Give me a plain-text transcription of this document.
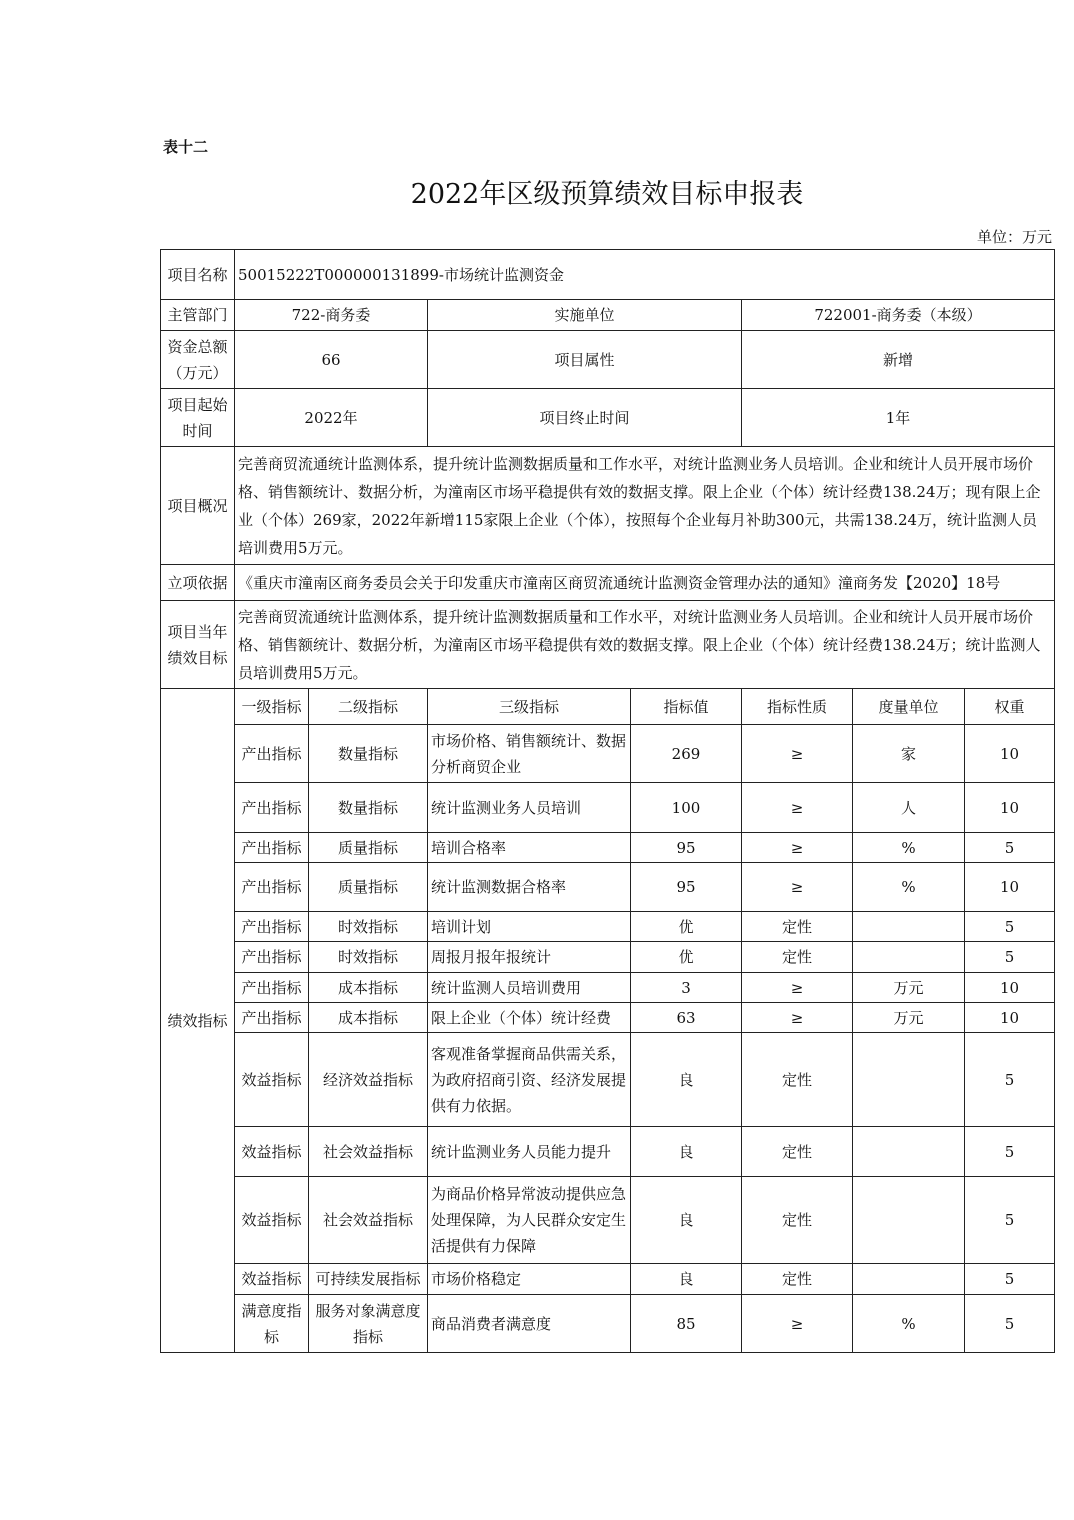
表十二
2022年区级预算绩效目标申报表
单位：万元
项目名称	50015222T000000131899-市场统计监测资金						
主管部门	722-商务委		实施单位		722001-商务委（本级）		
资金总额（万元）	66		项目属性		新增		
项目起始时间	2022年		项目终止时间		1年		
项目概况	完善商贸流通统计监测体系，提升统计监测数据质量和工作水平，对统计监测业务人员培训。企业和统计人员开展市场价格、销售额统计、数据分析，为潼南区市场平稳提供有效的数据支撑。限上企业（个体）统计经费138.24万；现有限上企业（个体）269家，2022年新增115家限上企业（个体），按照每个企业每月补助300元，共需138.24万，统计监测人员培训费用5万元。						
立项依据	《重庆市潼南区商务委员会关于印发重庆市潼南区商贸流通统计监测资金管理办法的通知》潼商务发【2020】18号						
项目当年绩效目标	完善商贸流通统计监测体系，提升统计监测数据质量和工作水平，对统计监测业务人员培训。企业和统计人员开展市场价格、销售额统计、数据分析，为潼南区市场平稳提供有效的数据支撑。限上企业（个体）统计经费138.24万；统计监测人员培训费用5万元。						
绩效指标	一级指标	二级指标	三级指标	指标值	指标性质	度量单位	权重
	产出指标	数量指标	市场价格、销售额统计、数据分析商贸企业	269	≥	家	10
	产出指标	数量指标	统计监测业务人员培训	100	≥	人	10
	产出指标	质量指标	培训合格率	95	≥	%	5
	产出指标	质量指标	统计监测数据合格率	95	≥	%	10
	产出指标	时效指标	培训计划	优	定性		5
	产出指标	时效指标	周报月报年报统计	优	定性		5
	产出指标	成本指标	统计监测人员培训费用	3	≥	万元	10
	产出指标	成本指标	限上企业（个体）统计经费	63	≥	万元	10
	效益指标	经济效益指标	客观准备掌握商品供需关系，为政府招商引资、经济发展提供有力依据。	良	定性		5
	效益指标	社会效益指标	统计监测业务人员能力提升	良	定性		5
	效益指标	社会效益指标	为商品价格异常波动提供应急处理保障，为人民群众安定生活提供有力保障	良	定性		5
	效益指标	可持续发展指标	市场价格稳定	良	定性		5
	满意度指标	服务对象满意度指标	商品消费者满意度	85	≥	%	5
